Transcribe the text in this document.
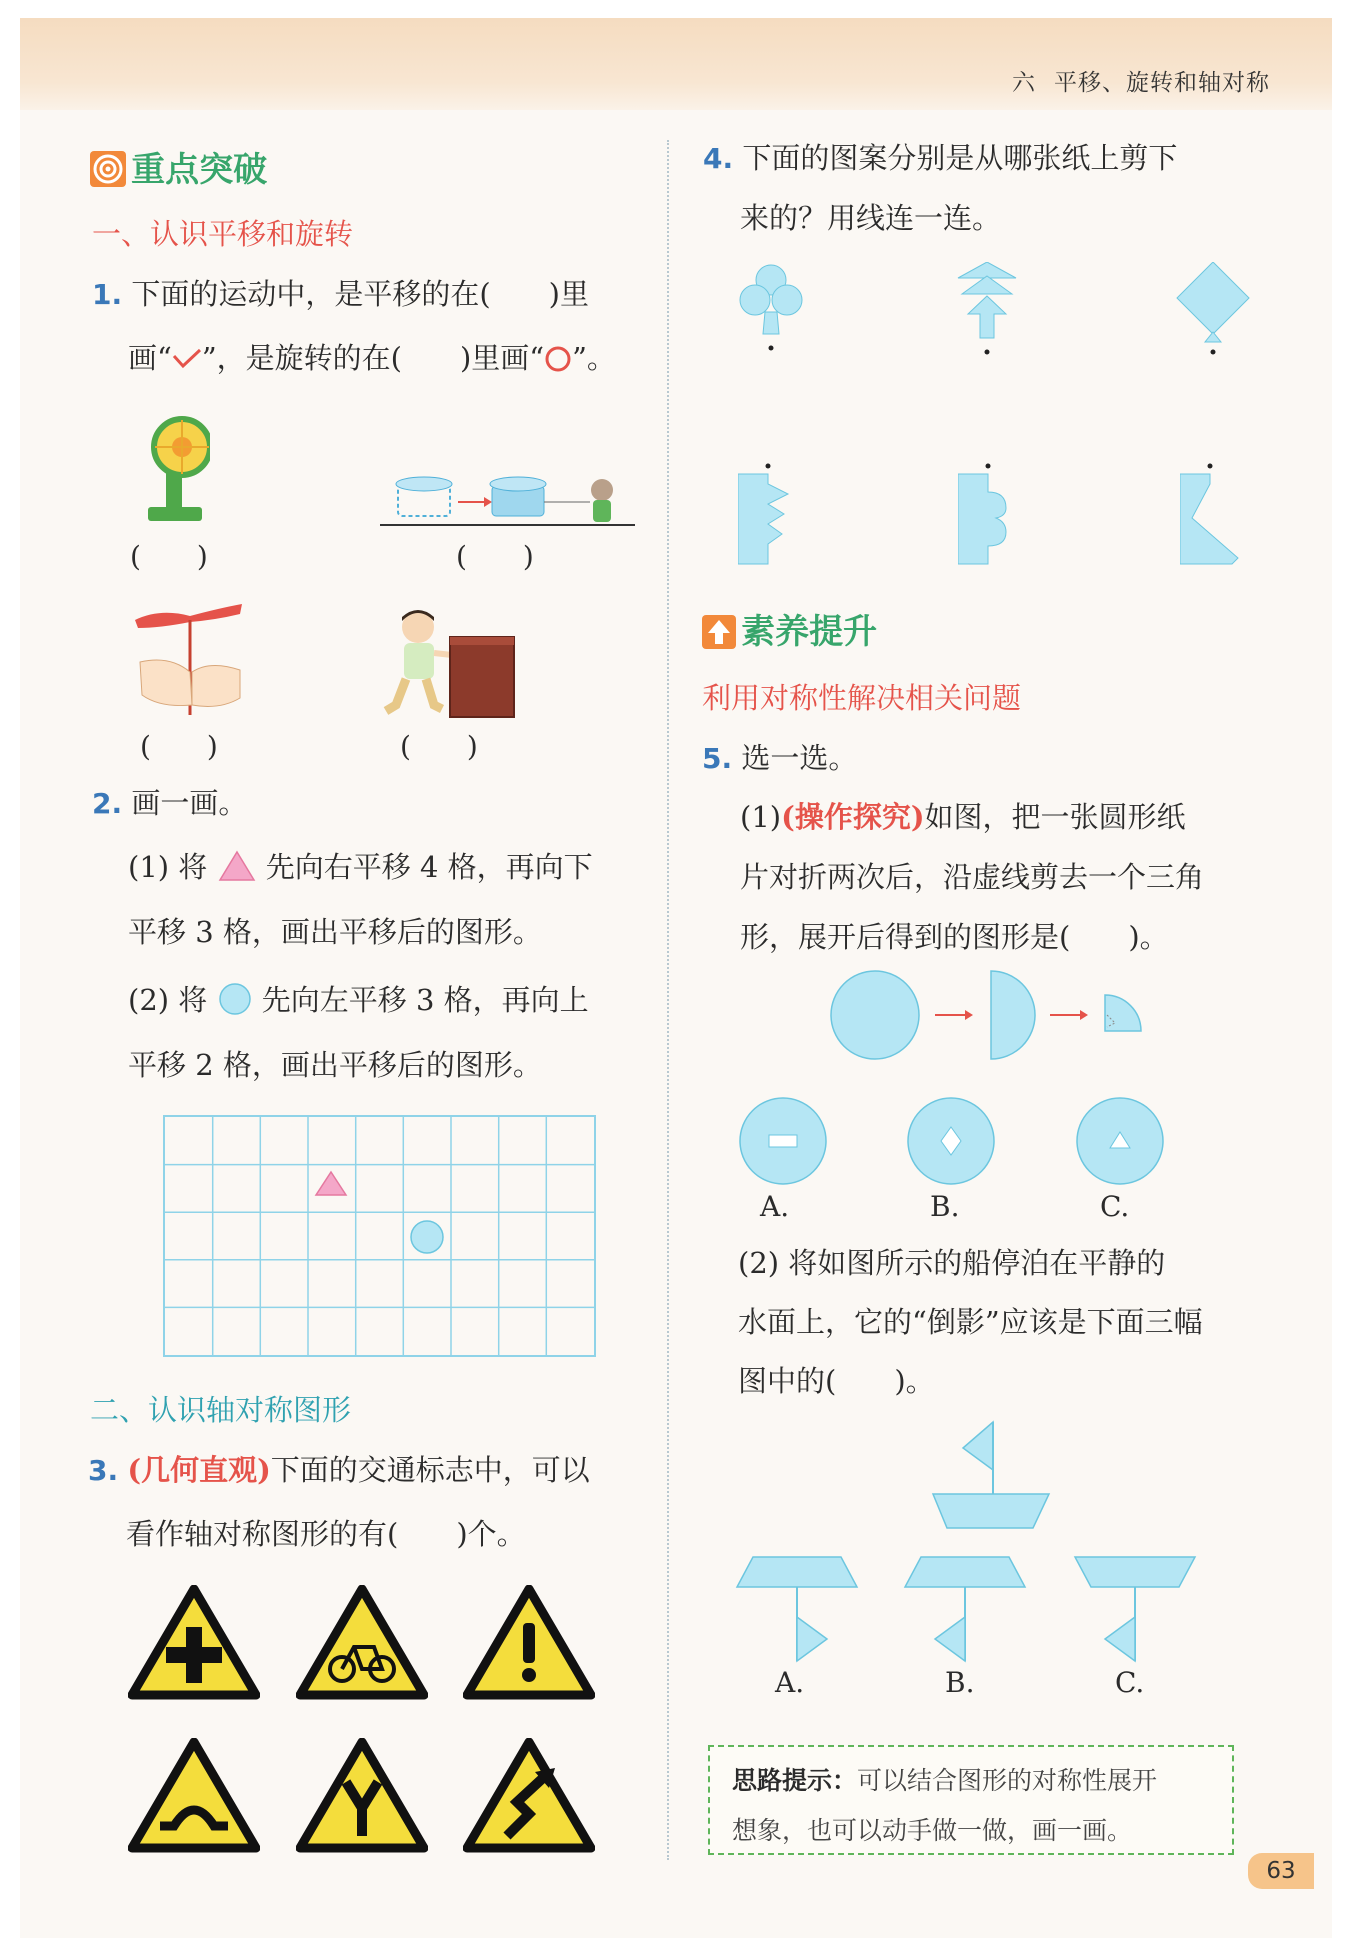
六 平移、旋转和轴对称
重点突破
一、认识平移和旋转
1. 下面的运动中，是平移的在(　　)里
画“ ”，是旋转的在(　　)里画“○”。
(　　)	(　　)
(　　)	(　　)
2. 画一画。
(1) 将 先向右平移 4 格，再向下
平移 3 格，画出平移后的图形。
(2) 将 先向左平移 3 格，再向上
平移 2 格，画出平移后的图形。
二、认识轴对称图形
3. (几何直观)下面的交通标志中，可以
看作轴对称图形的有(　　)个。
4. 下面的图案分别是从哪张纸上剪下
来的？用线连一连。
素养提升
利用对称性解决相关问题
5. 选一选。
(1)(操作探究)如图，把一张圆形纸
片对折两次后，沿虚线剪去一个三角
形，展开后得到的图形是(　　)。
A.	B.	C.
(2) 将如图所示的船停泊在平静的
水面上，它的“倒影”应该是下面三幅
图中的(　　)。
A.	B.	C.
思路提示：可以结合图形的对称性展开
想象，也可以动手做一做，画一画。
63
